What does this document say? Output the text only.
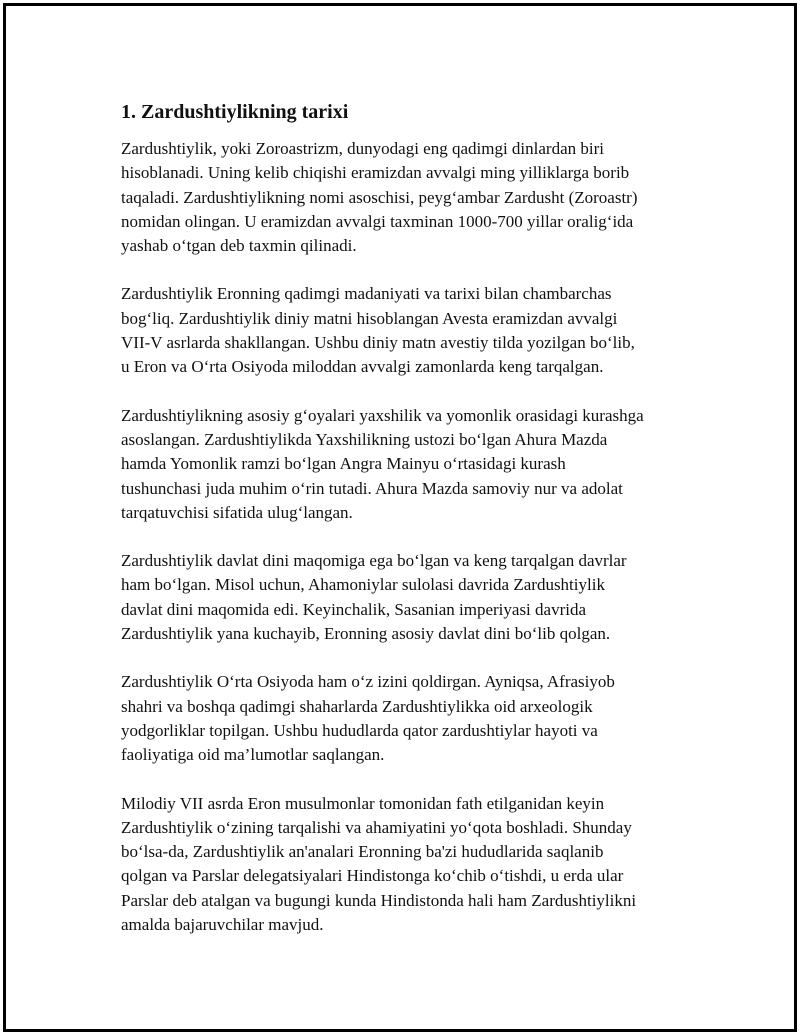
1. Zardushtiylikning tarixi

Zardushtiylik, yoki Zoroastrizm, dunyodagi eng qadimgi dinlardan biri
hisoblanadi. Uning kelib chiqishi eramizdan avvalgi ming yilliklarga borib
taqaladi. Zardushtiylikning nomi asoschisi, peyg‘ambar Zardusht (Zoroastr)
nomidan olingan. U eramizdan avvalgi taxminan 1000-700 yillar oralig‘ida
yashab o‘tgan deb taxmin qilinadi.

Zardushtiylik Eronning qadimgi madaniyati va tarixi bilan chambarchas
bog‘liq. Zardushtiylik diniy matni hisoblangan Avesta eramizdan avvalgi
VII-V asrlarda shakllangan. Ushbu diniy matn avestiy tilda yozilgan bo‘lib,
u Eron va O‘rta Osiyoda miloddan avvalgi zamonlarda keng tarqalgan.

Zardushtiylikning asosiy g‘oyalari yaxshilik va yomonlik orasidagi kurashga
asoslangan. Zardushtiylikda Yaxshilikning ustozi bo‘lgan Ahura Mazda
hamda Yomonlik ramzi bo‘lgan Angra Mainyu o‘rtasidagi kurash
tushunchasi juda muhim o‘rin tutadi. Ahura Mazda samoviy nur va adolat
tarqatuvchisi sifatida ulug‘langan.

Zardushtiylik davlat dini maqomiga ega bo‘lgan va keng tarqalgan davrlar
ham bo‘lgan. Misol uchun, Ahamoniylar sulolasi davrida Zardushtiylik
davlat dini maqomida edi. Keyinchalik, Sasanian imperiyasi davrida
Zardushtiylik yana kuchayib, Eronning asosiy davlat dini bo‘lib qolgan.

Zardushtiylik O‘rta Osiyoda ham o‘z izini qoldirgan. Ayniqsa, Afrasiyob
shahri va boshqa qadimgi shaharlarda Zardushtiylikka oid arxeologik
yodgorliklar topilgan. Ushbu hududlarda qator zardushtiylar hayoti va
faoliyatiga oid ma’lumotlar saqlangan.

Milodiy VII asrda Eron musulmonlar tomonidan fath etilganidan keyin
Zardushtiylik o‘zining tarqalishi va ahamiyatini yo‘qota boshladi. Shunday
bo‘lsa-da, Zardushtiylik an'analari Eronning ba'zi hududlarida saqlanib
qolgan va Parslar delegatsiyalari Hindistonga ko‘chib o‘tishdi, u erda ular
Parslar deb atalgan va bugungi kunda Hindistonda hali ham Zardushtiylikni
amalda bajaruvchilar mavjud.
